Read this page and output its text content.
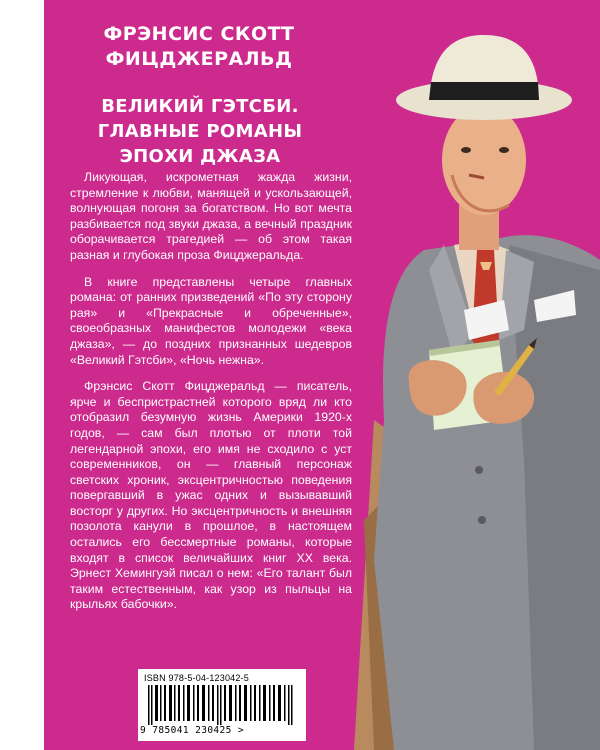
ФРЭНСИС СКОТТ ФИЦДЖЕРАЛЬД
ВЕЛИКИЙ ГЭТСБИ. ГЛАВНЫЕ РОМАНЫ ЭПОХИ ДЖАЗА

Ликующая, искрометная жажда жизни, стремление к любви, манящей и ускользающей, волнующая погоня за богатством. Но вот мечта разбивается под звуки джаза, а вечный праздник оборачивается трагедией — об этом такая разная и глубокая проза Фицджеральда.

В книге представлены четыре главных романа: от ранних призведений «По эту сторону рая» и «Прекрасные и обреченные», своеобразных манифестов молодежи «века джаза», — до поздних признанных шедевров «Великий Гэтсби», «Ночь нежна».

Фрэнсис Скотт Фицджеральд — писатель, ярче и беспристрастней которого вряд ли кто отобразил безумную жизнь Америки 1920-х годов, — сам был плотью от плоти той легендарной эпохи, его имя не сходило с уст современников, он — главный персонаж светских хроник, эксцентричностью поведения повергавший в ужас одних и вызывавший восторг у других. Но эксцентричность и внешняя позолота канули в прошлое, в настоящем остались его бессмертные романы, которые входят в список величайших книг XX века. Эрнест Хемингуэй писал о нем: «Его талант был таким естественным, как узор из пыльцы на крыльях бабочки».

ISBN 978-5-04-123042-5
9 785041 230425 >
